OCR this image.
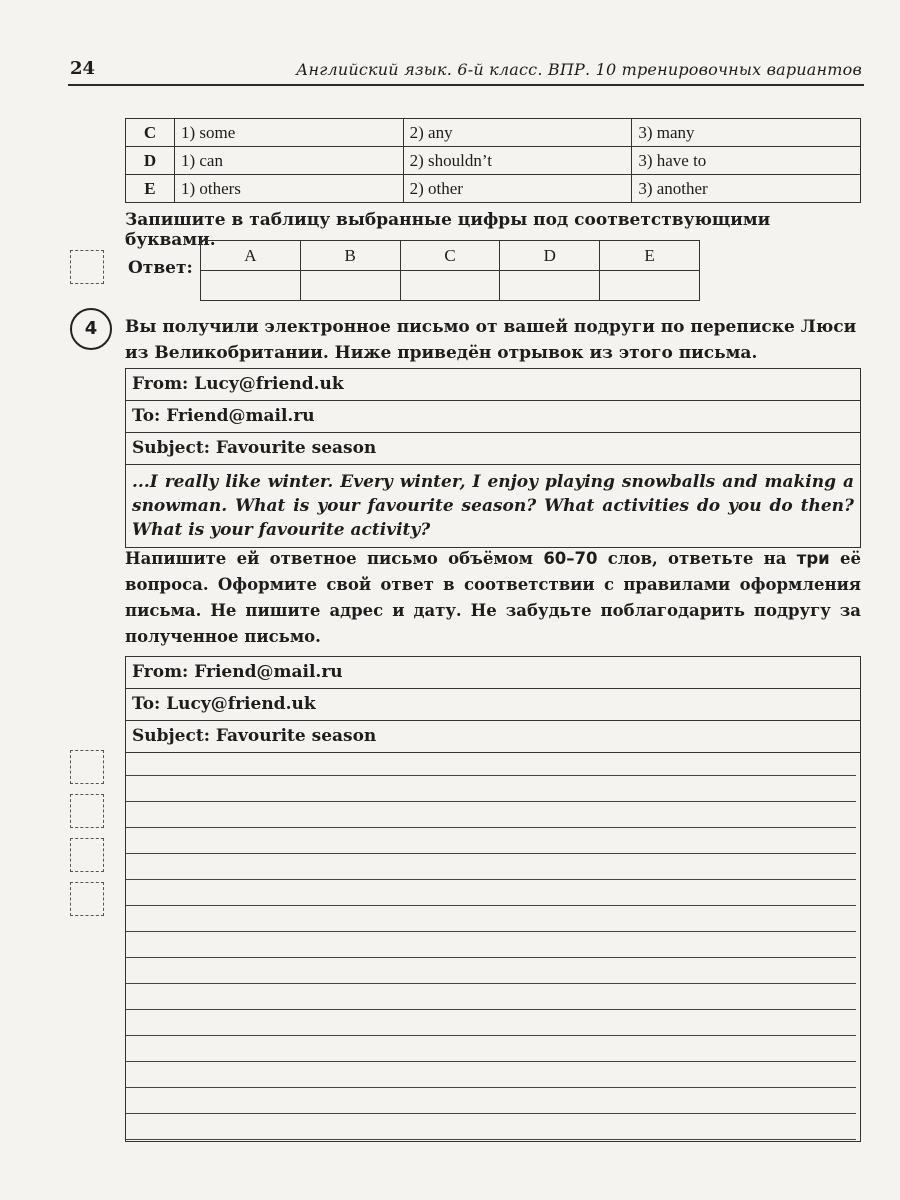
24	Английский язык. 6-й класс. ВПР. 10 тренировочных вариантов
C	1) some	2) any	3) many
D	1) can	2) shouldn’t	3) have to
E	1) others	2) other	3) another
Запишите в таблицу выбранные цифры под соответствующими буквами.
Ответ:
A	B	C	D	E

4	Вы получили электронное письмо от вашей подруги по переписке Люси из Великобритании. Ниже приведён отрывок из этого письма.
From: Lucy@friend.uk
To: Friend@mail.ru
Subject: Favourite season
...I really like winter. Every winter, I enjoy playing snowballs and making a snowman. What is your favourite season? What activities do you do then? What is your favourite activity?
Напишите ей ответное письмо объёмом 60–70 слов, ответьте на три её вопроса. Оформите свой ответ в соответствии с правилами оформления письма. Не пишите адрес и дату. Не забудьте поблагодарить подругу за полученное письмо.
From: Friend@mail.ru
To: Lucy@friend.uk
Subject: Favourite season
